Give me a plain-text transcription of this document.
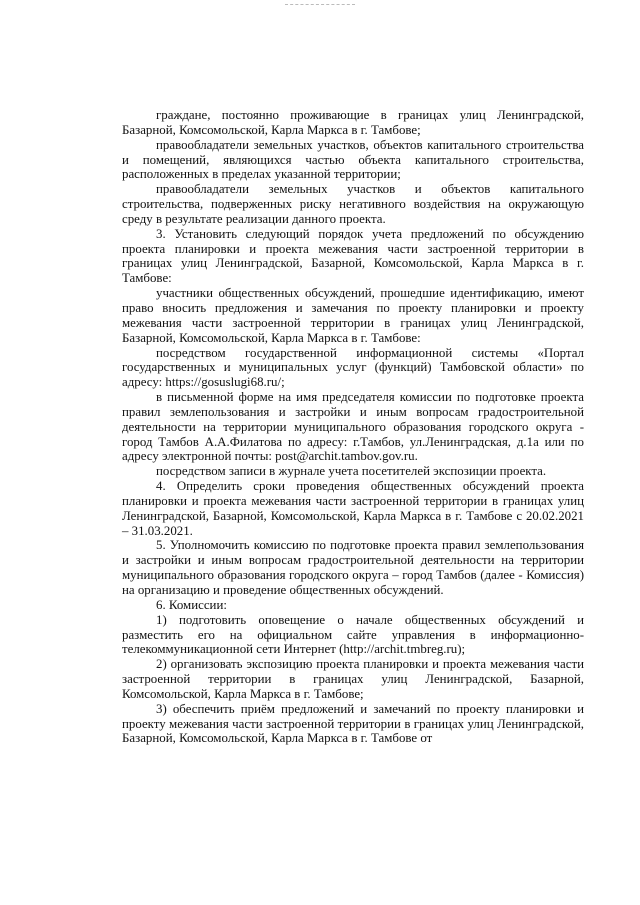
граждане, постоянно проживающие в границах улиц Ленинградской, Базарной, Комсомольской, Карла Маркса в г. Тамбове;

правообладатели земельных участков, объектов капитального строительства и помещений, являющихся частью объекта капитального строительства, расположенных в пределах указанной территории;

правообладатели земельных участков и объектов капитального строительства, подверженных риску негативного воздействия на окружающую среду в результате реализации данного проекта.

3. Установить следующий порядок учета предложений по обсуждению проекта планировки и проекта межевания части застроенной территории в границах улиц Ленинградской, Базарной, Комсомольской, Карла Маркса в г. Тамбове:

участники общественных обсуждений, прошедшие идентификацию, имеют право вносить предложения и замечания по проекту планировки и проекту межевания части застроенной территории в границах улиц Ленинградской, Базарной, Комсомольской, Карла Маркса в г. Тамбове:

посредством государственной информационной системы «Портал государственных и муниципальных услуг (функций) Тамбовской области» по адресу: https://gosuslugi68.ru/;

в письменной форме на имя председателя комиссии по подготовке проекта правил землепользования и застройки и иным вопросам градостроительной деятельности на территории муниципального образования городского округа - город Тамбов А.А.Филатова по адресу: г.Тамбов, ул.Ленинградская, д.1а или по адресу электронной почты: post@archit.tambov.gov.ru.

посредством записи в журнале учета посетителей экспозиции проекта.

4. Определить сроки проведения общественных обсуждений проекта планировки и проекта межевания части застроенной территории в границах улиц Ленинградской, Базарной, Комсомольской, Карла Маркса в г. Тамбове с 20.02.2021 – 31.03.2021.

5. Уполномочить комиссию по подготовке проекта правил землепользования и застройки и иным вопросам градостроительной деятельности на территории муниципального образования городского округа – город Тамбов (далее - Комиссия) на организацию и проведение общественных обсуждений.

6. Комиссии:

1) подготовить оповещение о начале общественных обсуждений и разместить его на официальном сайте управления в информационно-телекоммуникационной сети Интернет (http://archit.tmbreg.ru);

2) организовать экспозицию проекта планировки и проекта межевания части застроенной территории в границах улиц Ленинградской, Базарной, Комсомольской, Карла Маркса в г. Тамбове;

3) обеспечить приём предложений и замечаний по проекту планировки и проекту межевания части застроенной территории в границах улиц Ленинградской, Базарной, Комсомольской, Карла Маркса в г. Тамбове от
